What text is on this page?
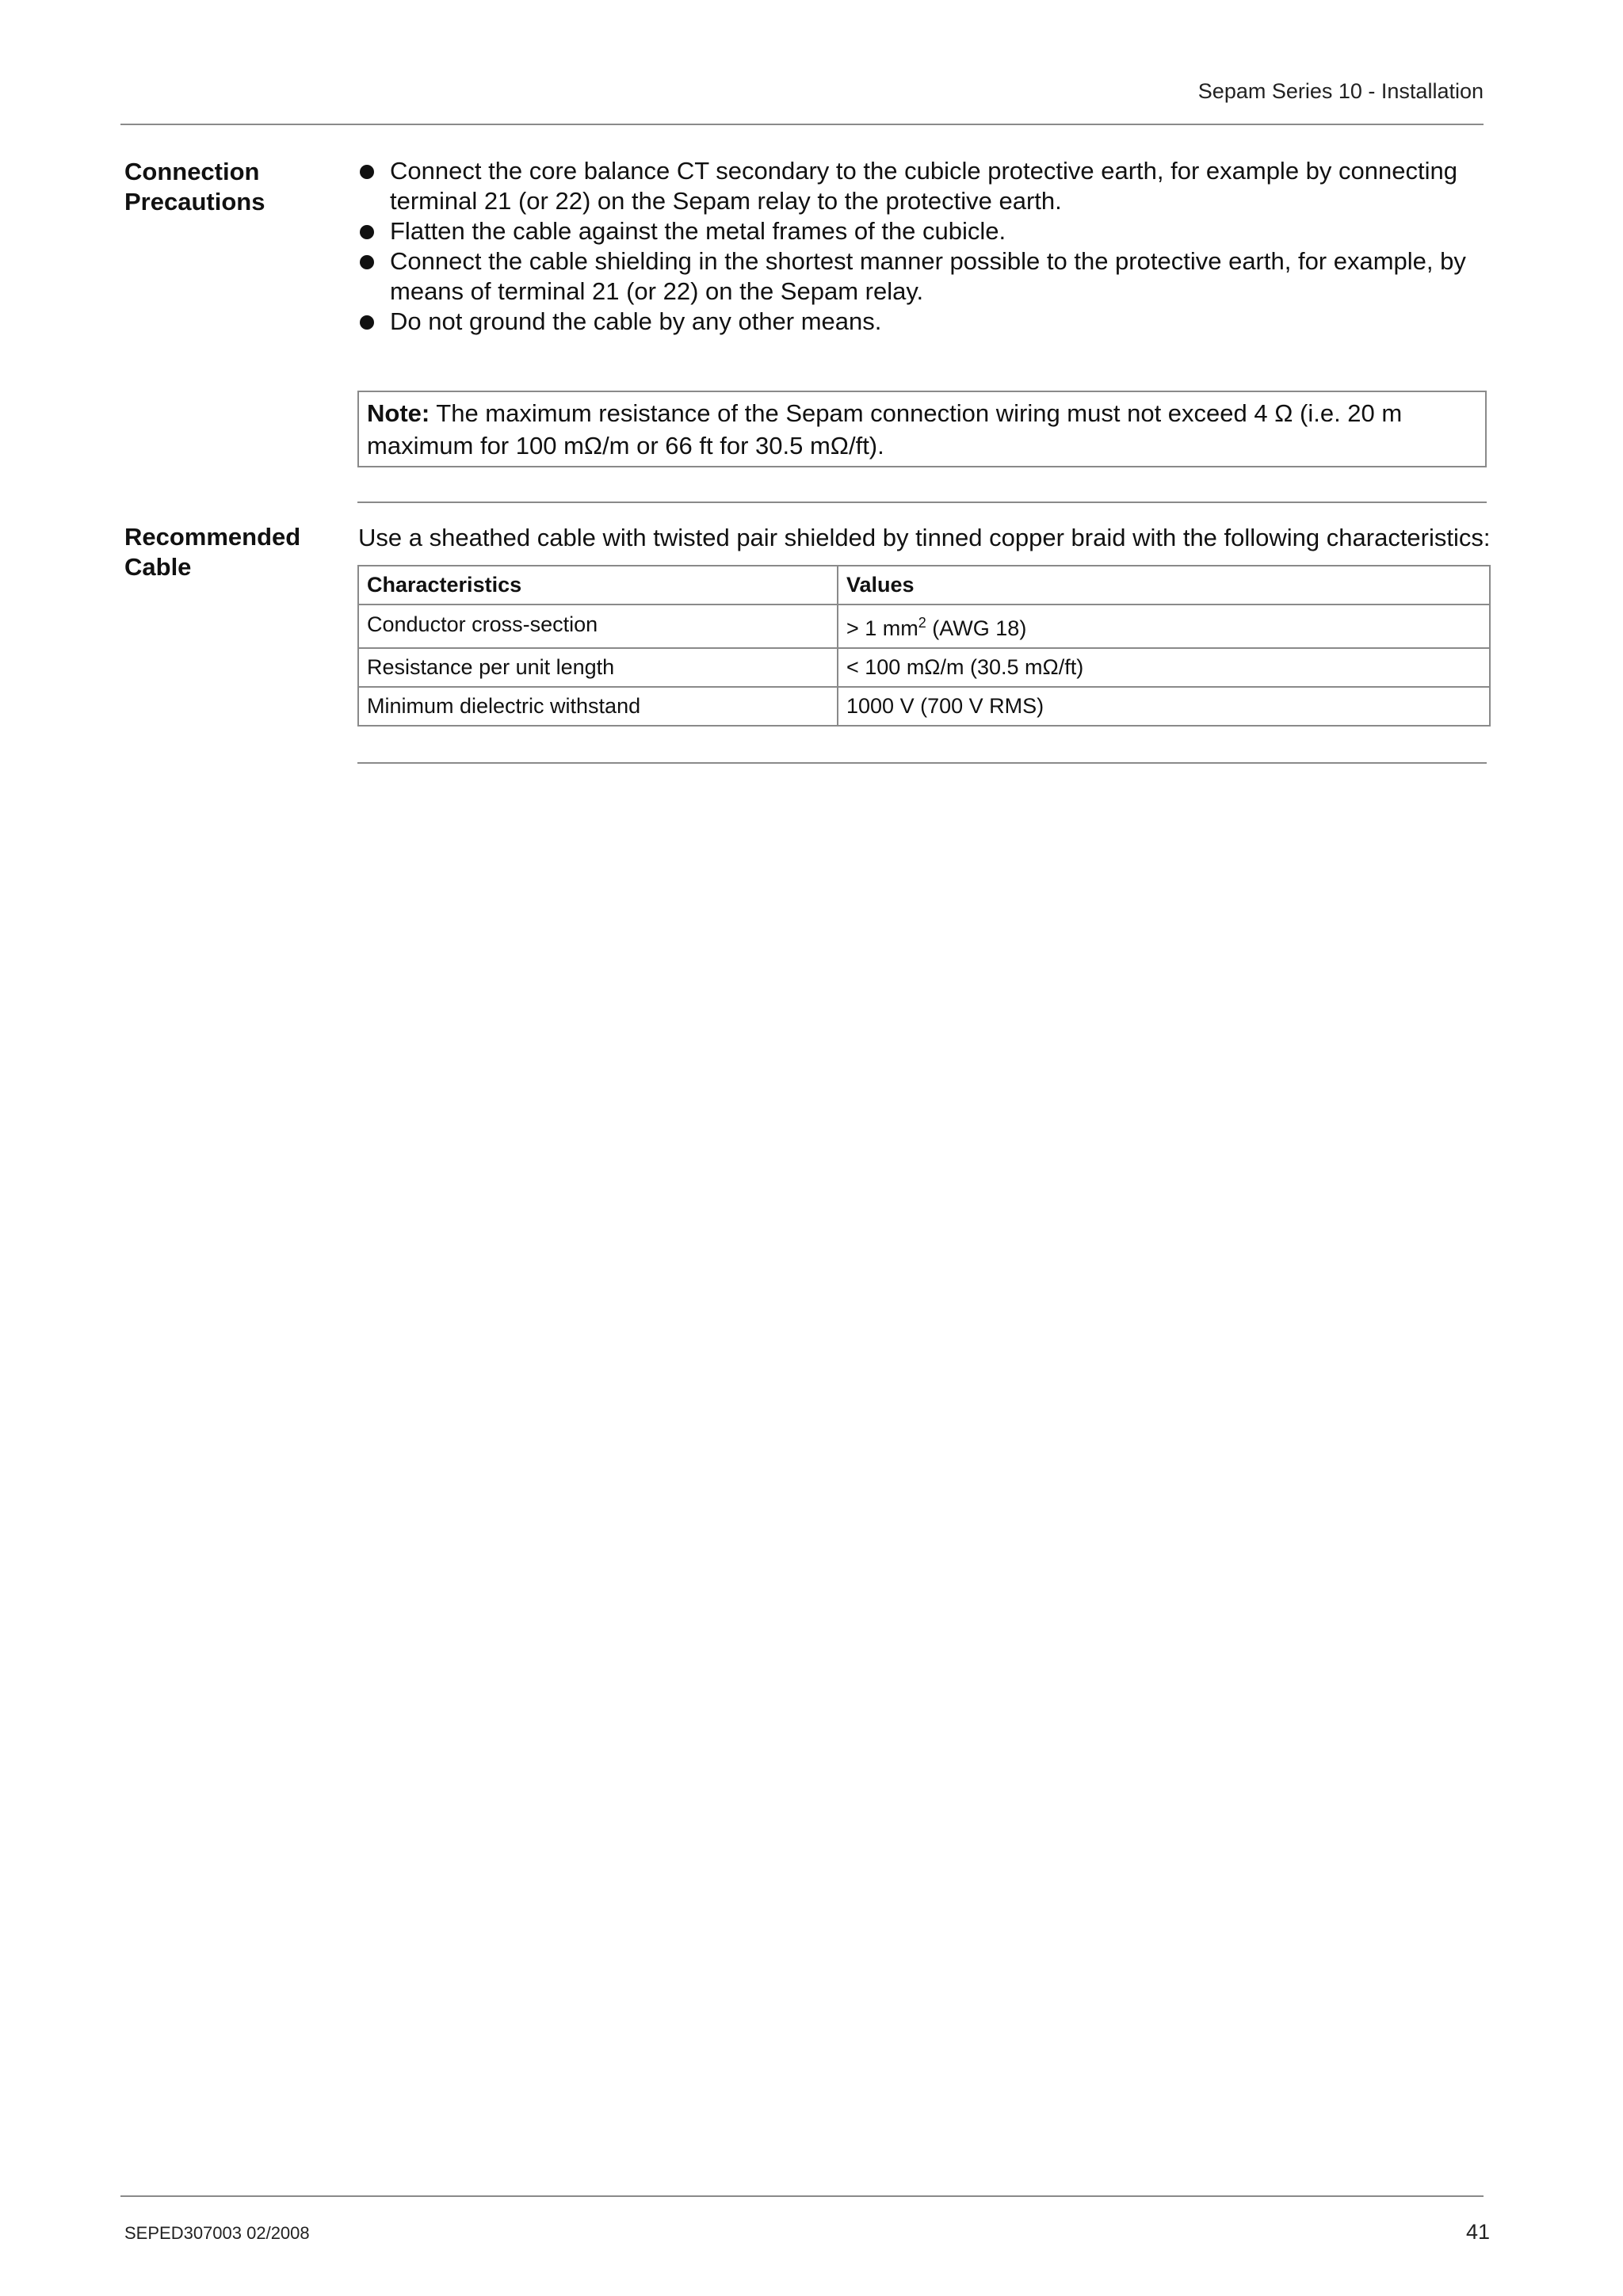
Sepam Series 10 - Installation
Connection
Precautions
Connect the core balance CT secondary to the cubicle protective earth, for example by connecting terminal 21 (or 22) on the Sepam relay to the protective earth.
Flatten the cable against the metal frames of the cubicle.
Connect the cable shielding in the shortest manner possible to the protective earth, for example, by means of terminal 21 (or 22) on the Sepam relay.
Do not ground the cable by any other means.
Note: The maximum resistance of the Sepam connection wiring must not exceed 4 Ω (i.e. 20 m maximum for 100 mΩ/m or 66 ft for 30.5 mΩ/ft).
Recommended
Cable
Use a sheathed cable with twisted pair shielded by tinned copper braid with the following characteristics:
Characteristics	Values
Conductor cross-section	> 1 $mm^2$ (AWG 18)
Resistance per unit length	< 100 mΩ/m (30.5 mΩ/ft)
Minimum dielectric withstand	1000 V (700 V RMS)
SEPED307003 02/2008	41
